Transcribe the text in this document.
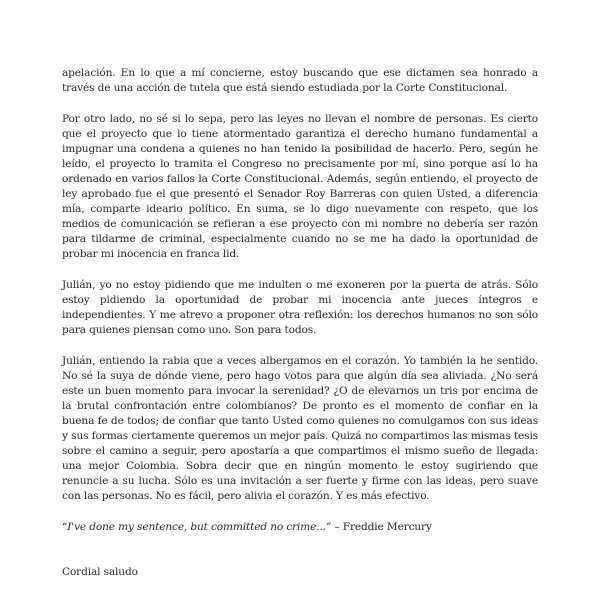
apelación. En lo que a mí concierne, estoy buscando que ese dictamen sea honrado a través de una acción de tutela que está siendo estudiada por la Corte Constitucional.

Por otro lado, no sé si lo sepa, pero las leyes no llevan el nombre de personas. Es cierto que el proyecto que lo tiene atormentado garantiza el derecho humano fundamental a impugnar una condena a quienes no han tenido la posibilidad de hacerlo. Pero, según he leído, el proyecto lo tramita el Congreso no precisamente por mí, sino porque así lo ha ordenado en varios fallos la Corte Constitucional. Además, según entiendo, el proyecto de ley aprobado fue el que presentó el Senador Roy Barreras con quien Usted, a diferencia mía, comparte ideario político. En suma, se lo digo nuevamente con respeto, que los medios de comunicación se refieran a ese proyecto con mi nombre no debería ser razón para tildarme de criminal, especialmente cuando no se me ha dado la oportunidad de probar mi inocencia en franca lid.

Julián, yo no estoy pidiendo que me indulten o me exoneren por la puerta de atrás. Sólo estoy pidiendo la oportunidad de probar mi inocencia ante jueces íntegros e independientes. Y me atrevo a proponer otra reflexión: los derechos humanos no son sólo para quienes piensan como uno. Son para todos.

Julián, entiendo la rabia que a veces albergamos en el corazón. Yo también la he sentido. No sé la suya de dónde viene, pero hago votos para que algún día sea aliviada. ¿No será este un buen momento para invocar la serenidad? ¿O de elevarnos un tris por encima de la brutal confrontación entre colombianos? De pronto es el momento de confiar en la buena fe de todos; de confiar que tanto Usted como quienes no comulgamos con sus ideas y sus formas ciertamente queremos un mejor país. Quizá no compartimos las mismas tesis sobre el camino a seguir, pero apostaría a que compartimos el mismo sueño de llegada: una mejor Colombia. Sobra decir que en ningún momento le estoy sugiriendo que renuncie a su lucha. Sólo es una invitación a ser fuerte y firme con las ideas, pero suave con las personas. No es fácil, pero alivia el corazón. Y es más efectivo.

“I've done my sentence, but committed no crime...” – Freddie Mercury

Cordial saludo
